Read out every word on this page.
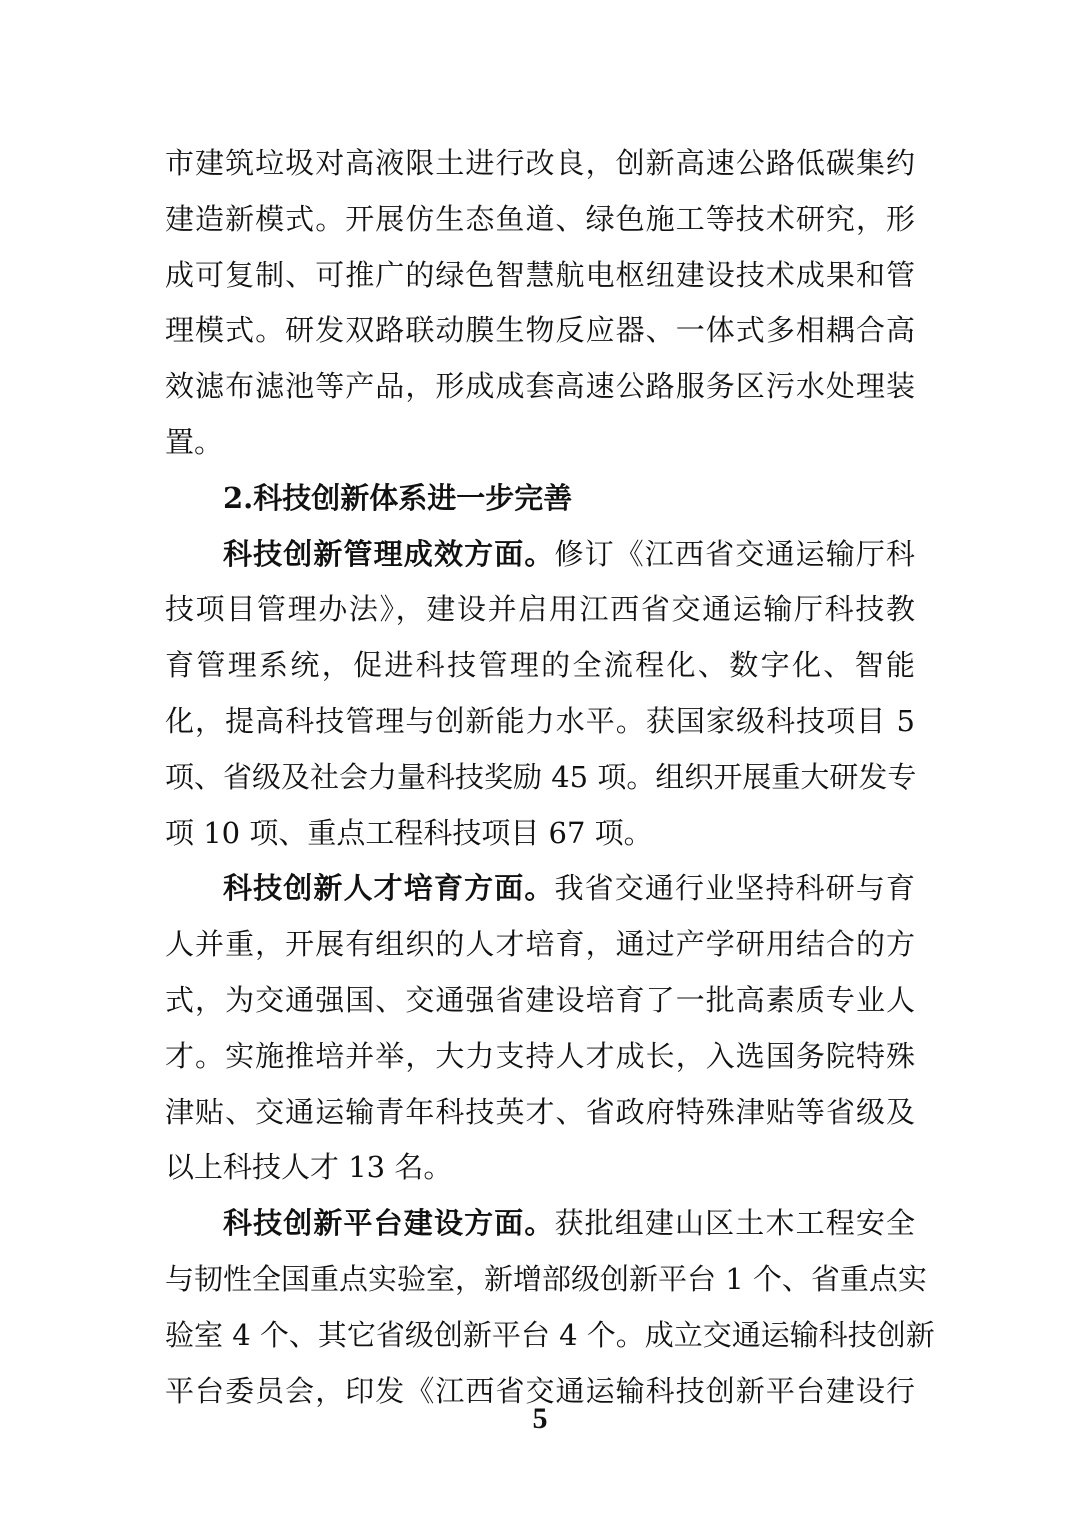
市建筑垃圾对高液限土进行改良，创新高速公路低碳集约
建造新模式。开展仿生态鱼道、绿色施工等技术研究，形
成可复制、可推广的绿色智慧航电枢纽建设技术成果和管
理模式。研发双路联动膜生物反应器、一体式多相耦合高
效滤布滤池等产品，形成成套高速公路服务区污水处理装
置。
2.科技创新体系进一步完善
科技创新管理成效方面。修订《江西省交通运输厅科
技项目管理办法》，建设并启用江西省交通运输厅科技教
育管理系统，促进科技管理的全流程化、数字化、智能
化，提高科技管理与创新能力水平。获国家级科技项目 5
项、省级及社会力量科技奖励 45 项。组织开展重大研发专
项 10 项、重点工程科技项目 67 项。
科技创新人才培育方面。我省交通行业坚持科研与育
人并重，开展有组织的人才培育，通过产学研用结合的方
式，为交通强国、交通强省建设培育了一批高素质专业人
才。实施推培并举，大力支持人才成长，入选国务院特殊
津贴、交通运输青年科技英才、省政府特殊津贴等省级及
以上科技人才 13 名。
科技创新平台建设方面。获批组建山区土木工程安全
与韧性全国重点实验室，新增部级创新平台 1 个、省重点实
验室 4 个、其它省级创新平台 4 个。成立交通运输科技创新
平台委员会，印发《江西省交通运输科技创新平台建设行
5
